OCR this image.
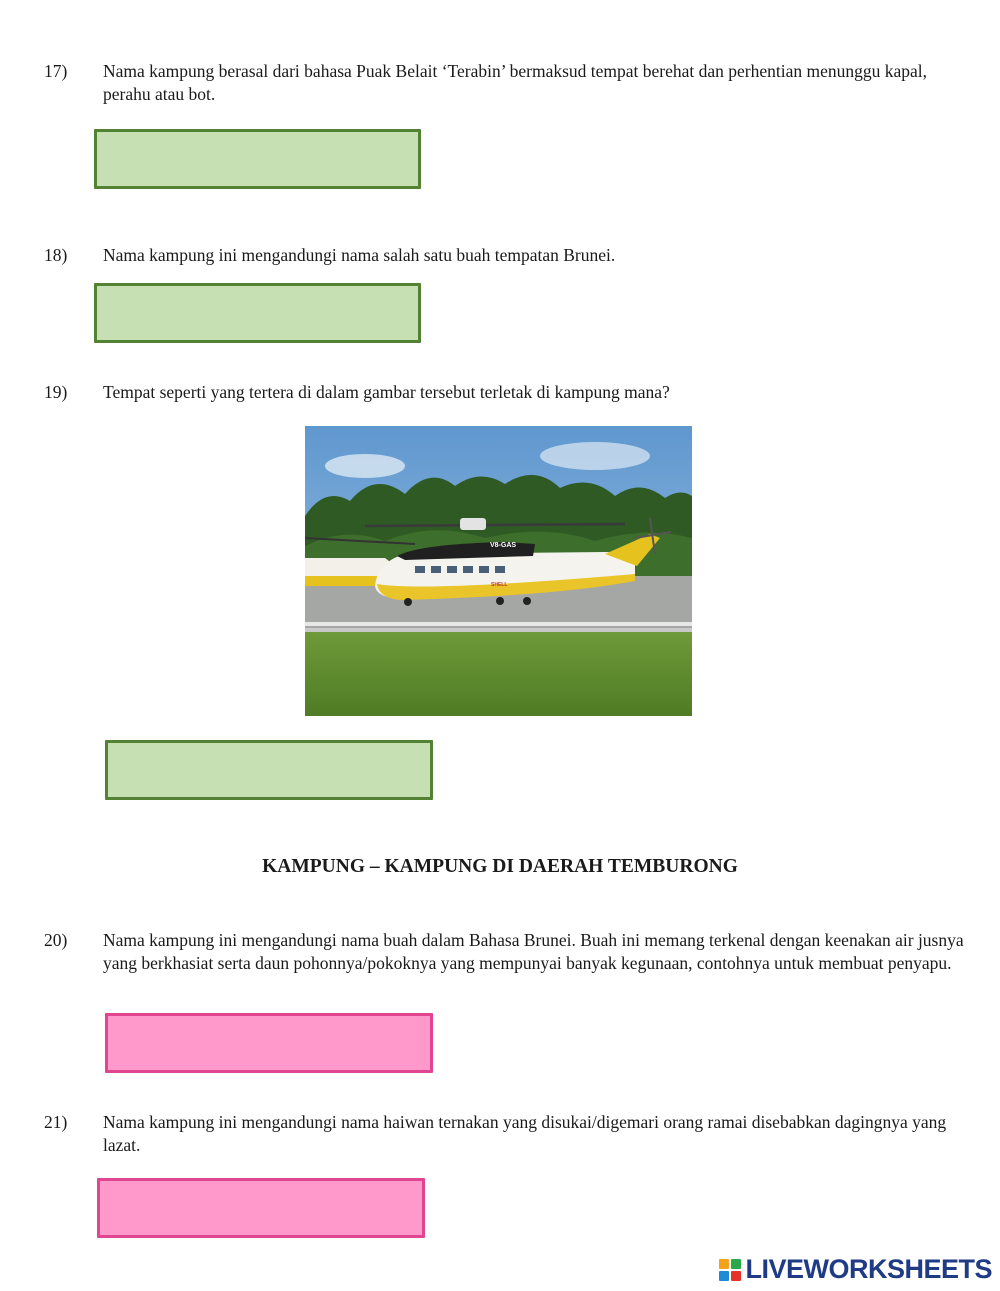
17) Nama kampung berasal dari bahasa Puak Belait ‘Terabin’ bermaksud tempat berehat dan perhentian menunggu kapal, perahu atau bot.
18) Nama kampung ini mengandungi nama salah satu buah tempatan Brunei.
19) Tempat seperti yang tertera di dalam gambar tersebut terletak di kampung mana?
V8-GAS
SHELL
KAMPUNG – KAMPUNG DI DAERAH TEMBURONG
20) Nama kampung ini mengandungi nama buah dalam Bahasa Brunei. Buah ini memang terkenal dengan keenakan air jusnya yang berkhasiat serta daun pohonnya/pokoknya yang mempunyai banyak kegunaan, contohnya untuk membuat penyapu.
21) Nama kampung ini mengandungi nama haiwan ternakan yang disukai/digemari orang ramai disebabkan dagingnya yang lazat.
LIVEWORKSHEETS
